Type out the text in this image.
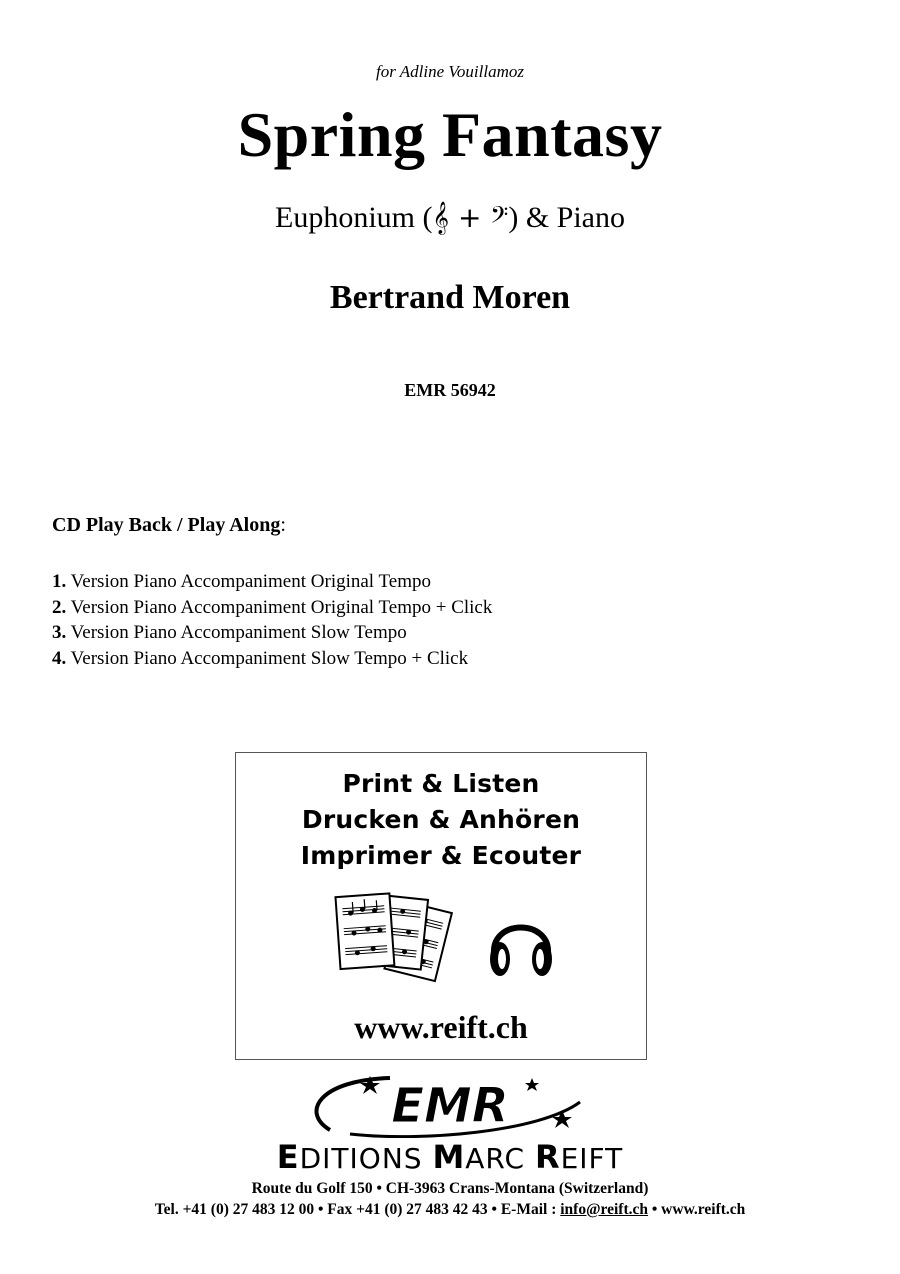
for Adline Vouillamoz
Spring Fantasy
Euphonium (𝄞 + 𝄢) & Piano
Bertrand Moren
EMR 56942
CD Play Back / Play Along:
1. Version Piano Accompaniment Original Tempo
2. Version Piano Accompaniment Original Tempo + Click
3. Version Piano Accompaniment Slow Tempo
4. Version Piano Accompaniment Slow Tempo + Click
Print & Listen
Drucken & Anhören
Imprimer & Ecouter
www.reift.ch
EMR
EDITIONS MARC REIFT
Route du Golf 150 • CH-3963 Crans-Montana (Switzerland)
Tel. +41 (0) 27 483 12 00 • Fax +41 (0) 27 483 42 43 • E-Mail : info@reift.ch • www.reift.ch
